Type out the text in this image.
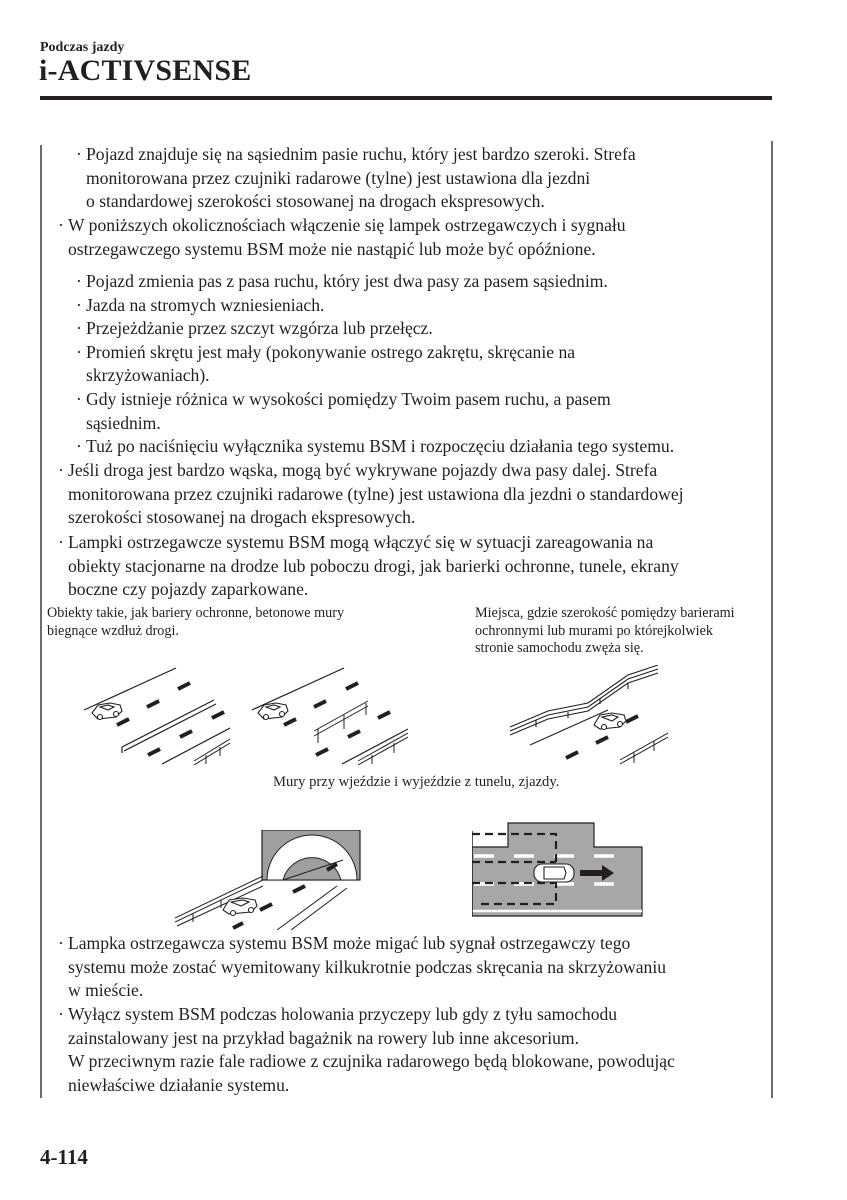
Podczas jazdy
i-ACTIVSENSE
· Pojazd znajduje się na sąsiednim pasie ruchu, który jest bardzo szeroki. Strefa
monitorowana przez czujniki radarowe (tylne) jest ustawiona dla jezdni
o standardowej szerokości stosowanej na drogach ekspresowych.
· W poniższych okolicznościach włączenie się lampek ostrzegawczych i sygnału
ostrzegawczego systemu BSM może nie nastąpić lub może być opóźnione.
· Pojazd zmienia pas z pasa ruchu, który jest dwa pasy za pasem sąsiednim.
· Jazda na stromych wzniesieniach.
· Przejeżdżanie przez szczyt wzgórza lub przełęcz.
· Promień skrętu jest mały (pokonywanie ostrego zakrętu, skręcanie na
skrzyżowaniach).
· Gdy istnieje różnica w wysokości pomiędzy Twoim pasem ruchu, a pasem
sąsiednim.
· Tuż po naciśnięciu wyłącznika systemu BSM i rozpoczęciu działania tego systemu.
· Jeśli droga jest bardzo wąska, mogą być wykrywane pojazdy dwa pasy dalej. Strefa
monitorowana przez czujniki radarowe (tylne) jest ustawiona dla jezdni o standardowej
szerokości stosowanej na drogach ekspresowych.
· Lampki ostrzegawcze systemu BSM mogą włączyć się w sytuacji zareagowania na
obiekty stacjonarne na drodze lub poboczu drogi, jak barierki ochronne, tunele, ekrany
boczne czy pojazdy zaparkowane.
Obiekty takie, jak bariery ochronne, betonowe mury
biegnące wzdłuż drogi.
Miejsca, gdzie szerokość pomiędzy barierami
ochronnymi lub murami po którejkolwiek
stronie samochodu zwęża się.
Mury przy wjeździe i wyjeździe z tunelu, zjazdy.
· Lampka ostrzegawcza systemu BSM może migać lub sygnał ostrzegawczy tego
systemu może zostać wyemitowany kilkukrotnie podczas skręcania na skrzyżowaniu
w mieście.
· Wyłącz system BSM podczas holowania przyczepy lub gdy z tyłu samochodu
zainstalowany jest na przykład bagażnik na rowery lub inne akcesorium.
W przeciwnym razie fale radiowe z czujnika radarowego będą blokowane, powodując
niewłaściwe działanie systemu.
4-114
